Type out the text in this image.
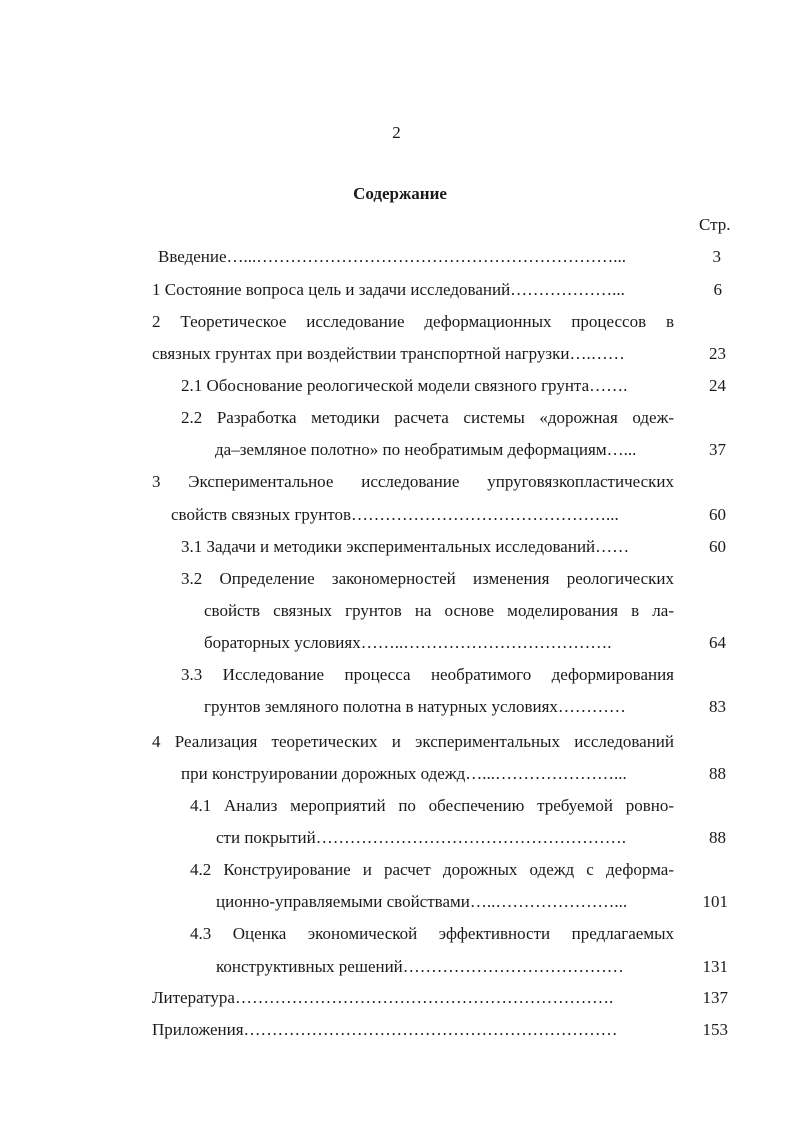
2
Содержание
Стр.
Введение…...………………………………………………………...	3
1 Состояние вопроса цель и задачи исследований………………...	6
2 Теоретическое исследование деформационных процессов в
связных грунтах при воздействии транспортной нагрузки….……	23
2.1 Обоснование реологической модели связного грунта…….	24
2.2 Разработка методики расчета системы «дорожная одеж-
да–земляное полотно» по необратимым деформациям…...	37
3 Экспериментальное исследование упруговязкопластических
свойств связных грунтов………………………………………...	60
3.1 Задачи и методики экспериментальных исследований……	60
3.2 Определение закономерностей изменения реологических
свойств связных грунтов на основе моделирования в ла-
бораторных условиях……..……………………………….	64
3.3 Исследование процесса необратимого деформирования
грунтов земляного полотна в натурных условиях…………	83
4 Реализация теоретических и экспериментальных исследований
при конструировании дорожных одежд…...…………………...	88
4.1 Анализ мероприятий по обеспечению требуемой ровно-
сти покрытий……………………………………………….	88
4.2 Конструирование и расчет дорожных одежд с деформа-
ционно-управляемыми свойствами…..…………………...	101
4.3 Оценка экономической эффективности предлагаемых
конструктивных решений…………………………………	131
Литература………………………………………………………….	137
Приложения…………………………………………………………	153
